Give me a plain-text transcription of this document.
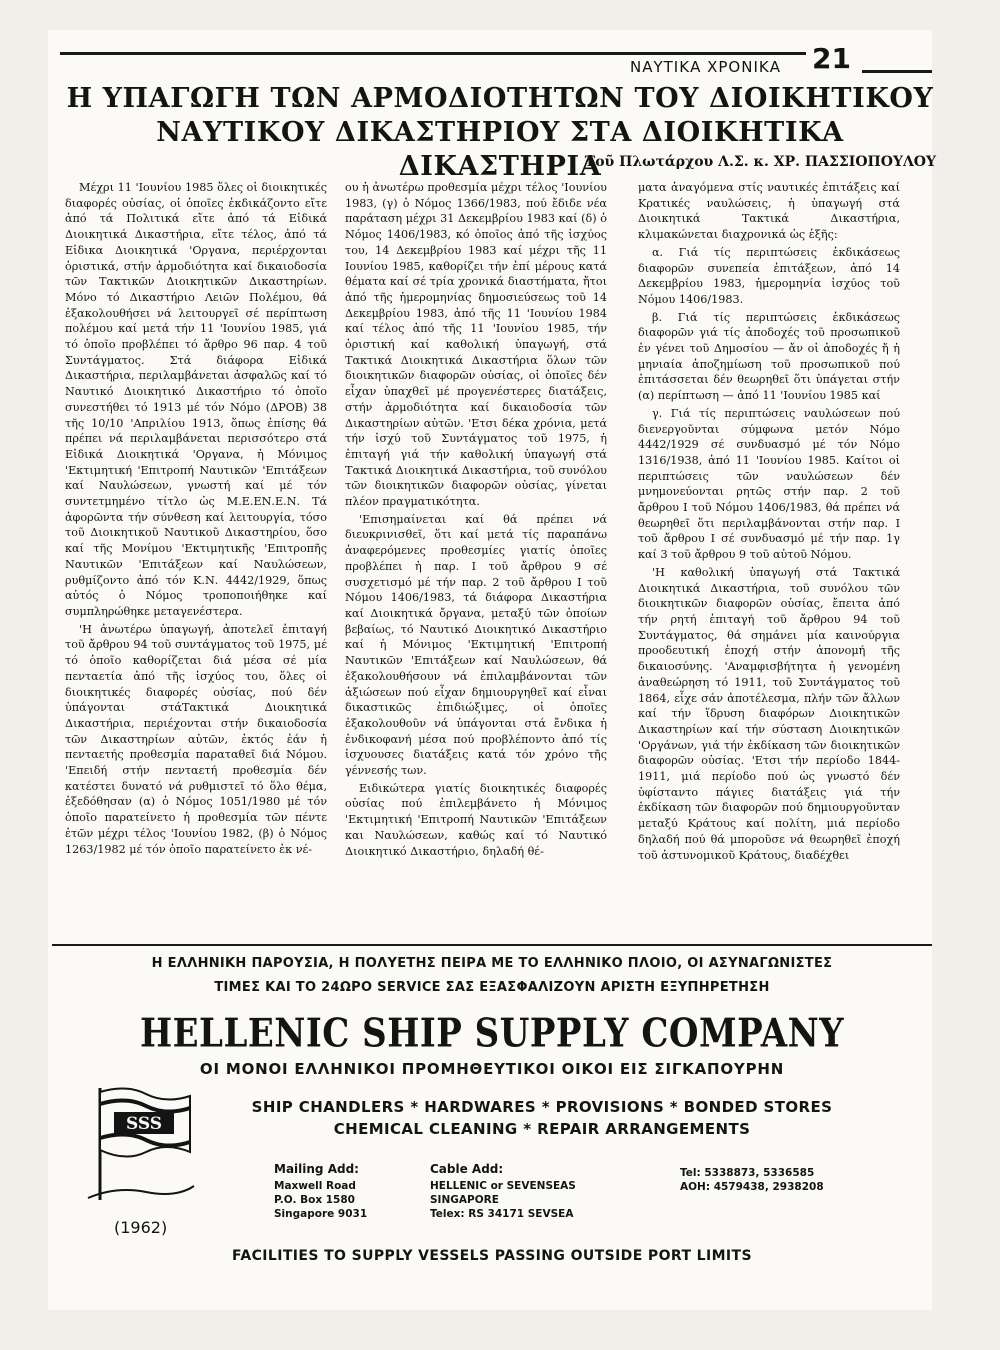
ΝΑΥΤΙΚΑ ΧΡΟΝΙΚΑ 21
Η ΥΠΑΓΩΓΗ ΤΩΝ ΑΡΜΟΔΙΟΤΗΤΩΝ ΤΟΥ ΔΙΟΙΚΗΤΙΚΟΥ
ΝΑΥΤΙΚΟΥ ΔΙΚΑΣΤΗΡΙΟΥ ΣΤΑ ΔΙΟΙΚΗΤΙΚΑ ΔΙΚΑΣΤΗΡΙΑ
Τοῦ Πλωτάρχου Λ.Σ. κ. ΧΡ. ΠΑΣΣΙΟΠΟΥΛΟΥ

Μέχρι 11 'Ιουνίου 1985 ὅλες οἱ διοικητικές διαφορές οὐσίας, οἱ ὁποῖες ἐκδικάζοντο εἴτε ἀπό τά Πολιτικά εἴτε ἀπό τά Εἰδικά Διοικητικά Δικαστήρια, εἴτε τέλος, ἀπό τά Εἰδικα Διοικητικά 'Οργανα, περιέρχονται ὁριστικά, στήν ἁρμοδιότητα καί δικαιοδοσία τῶν Τακτικῶν Διοικητικῶν Δικαστηρίων. Μόνο τό Δικαστήριο Λειῶν Πολέμου, θά ἐξακολουθήσει νά λειτουργεῖ σέ περίπτωση πολέμου καί μετά τήν 11 'Ιουνίου 1985, γιά τό ὁποῖο προβλέπει τό ἄρθρο 96 παρ. 4 τοῦ Συντάγματος. Στά διάφορα Εἰδικά Δικαστήρια, περιλαμβάνεται ἀσφαλῶς καί τό Ναυτικό Διοικητικό Δικαστήριο τό ὁποῖο συνεστήθει τό 1913 μέ τόν Νόμο (ΔΡΟΒ) 38 τῆς 10/10 'Απριλίου 1913, ὅπως ἐπίσης θά πρέπει νά περιλαμβάνεται περισσότερο στά Εἰδικά Διοικητικά 'Οργανα, ἡ Μόνιμος 'Εκτιμητική 'Επιτροπή Ναυτικῶν 'Επιτάξεων καί Ναυλώσεων, γνωστή καί μέ τόν συντετμημένο τίτλο ὡς Μ.Ε.ΕΝ.Ε.Ν. Τά ἀφορῶντα τήν σύνθεση καί λειτουργία, τόσο τοῦ Διοικητικοῦ Ναυτικοῦ Δικαστηρίου, ὅσο καί τῆς Μονίμου 'Εκτιμητικῆς 'Επιτροπῆς Ναυτικῶν 'Επιτάξεων καί Ναυλώσεων, ρυθμίζοντο ἀπό τόν Κ.Ν. 4442/1929, ὅπως αὐτός ὁ Νόμος τροποποιήθηκε καί συμπληρώθηκε μεταγενέστερα.

'Η ἀνωτέρω ὑπαγωγή, ἀποτελεῖ ἐπιταγή τοῦ ἄρθρου 94 τοῦ συντάγματος τοῦ 1975, μέ τό ὁποῖο καθορίζεται διά μέσα σέ μία πενταετία ἀπό τῆς ἰσχύος του, ὅλες οἱ διοικητικές διαφορές οὐσίας, πού δέν ὑπάγονται στάΤακτικά Διοικητικά Δικαστήρια, περιέχονται στήν δικαιοδοσία τῶν Δικαστηρίων αὐτῶν, ἐκτός ἐάν ἡ πενταετής προθεσμία παραταθεῖ διά Νόμου. 'Επειδή στήν πενταετή προθεσμία δέν κατέστει δυνατό νά ρυθμιστεῖ τό ὅλο θέμα, ἐξεδόθησαν (α) ὁ Νόμος 1051/1980 μέ τόν ὁποῖο παρατείνετο ἡ προθεσμία τῶν πέντε ἐτῶν μέχρι τέλος 'Ιουνίου 1982, (β) ὁ Νόμος 1263/1982 μέ τόν ὁποῖο παρατείνετο ἐκ νέ-

ου ἡ ἀνωτέρω προθεσμία μέχρι τέλος 'Ιουνίου 1983, (γ) ὁ Νόμος 1366/1983, πού ἔδιδε νέα παράταση μέχρι 31 Δεκεμβρίου 1983 καί (δ) ὁ Νόμος 1406/1983, κό ὁποῖος ἀπό τῆς ἰσχύος του, 14 Δεκεμβρίου 1983 καί μέχρι τῆς 11 Ιουνίου 1985, καθορίζει τήν ἐπί μέρους κατά θέματα καί σέ τρία χρονικά διαστήματα, ἤτοι ἀπό τῆς ἡμερομηνίας δημοσιεύσεως τοῦ 14 Δεκεμβρίου 1983, ἀπό τῆς 11 'Ιουνίου 1984 καί τέλος ἀπό τῆς 11 'Ιουνίου 1985, τήν ὁριστική καί καθολική ὑπαγωγή, στά Τακτικά Διοικητικά Δικαστήρια ὅλων τῶν διοικητικῶν διαφορῶν οὐσίας, οἱ ὁποῖες δέν εἶχαν ὑπαχθεῖ μέ προγενέστερες διατάξεις, στήν ἁρμοδιότητα καί δικαιοδοσία τῶν Δικαστηρίων αὐτῶν. 'Ετσι δέκα χρόνια, μετά τήν ἰσχύ τοῦ Συντάγματος τοῦ 1975, ἡ ἐπιταγή γιά τήν καθολική ὑπαγωγή στά Τακτικά Διοικητικά Δικαστήρια, τοῦ συνόλου τῶν διοικητικῶν διαφορῶν οὐσίας, γίνεται πλέον πραγματικότητα.

'Επισημαίνεται καί θά πρέπει νά διευκρινισθεῖ, ὅτι καί μετά τίς παραπάνω ἀναφερόμενες προθεσμίες γιατίς ὁποῖες προβλέπει ἡ παρ. Ι τοῦ ἄρθρου 9 σέ συσχετισμό μέ τήν παρ. 2 τοῦ ἄρθρου Ι τοῦ Νόμου 1406/1983, τά διάφορα Δικαστήρια καί Διοικητικά ὄργανα, μεταξύ τῶν ὁποίων βεβαίως, τό Ναυτικό Διοικητικό Δικαστήριο καί ἡ Μόνιμος 'Εκτιμητική 'Επιτροπή Ναυτικῶν 'Επιτάξεων καί Ναυλώσεων, θά ἐξακολουθήσουν νά ἐπιλαμβάνονται τῶν ἀξιώσεων πού εἶχαν δημιουργηθεῖ καί εἶναι δικαστικῶς ἐπιδιώξιμες, οἱ ὁποῖες ἐξακολουθοῦν νά ὑπάγονται στά ἔνδικα ἡ ἐνδικοφανή μέσα πού προβλέποντο ἀπό τίς ἰσχυουσες διατάξεις κατά τόν χρόνο τῆς γέννεσής των.

Ειδικώτερα γιατίς διοικητικές διαφορές οὐσίας πού ἐπιλεμβάνετο ἡ Μόνιμος 'Εκτιμητική 'Επιτροπή Ναυτικῶν 'Επιτάξεων και Ναυλώσεων, καθώς καί τό Ναυτικό Διοικητικό Δικαστήριο, δηλαδή θέ-

ματα ἀναγόμενα στίς ναυτικές ἐπιτάξεις καί Κρατικές ναυλώσεις, ἡ ὑπαγωγή στά Διοικητικά Τακτικά Δικαστήρια, κλιμακώνεται διαχρονικά ὡς ἑξῆς:

α. Γιά τίς περιπτώσεις ἐκδικάσεως διαφορῶν συνεπεία ἐπιτάξεων, ἀπό 14 Δεκεμβρίου 1983, ἡμερομηνία ἰσχύος τοῦ Νόμου 1406/1983.

β. Γιά τίς περιπτώσεις ἐκδικάσεως διαφορῶν γιά τίς ἀποδοχές τοῦ προσωπικοῦ ἐν γένει τοῦ Δημοσίου — ἄν οἱ ἀποδοχές ἤ ἡ μηνιαία ἀποζημίωση τοῦ προσωπικοῦ πού ἐπιτάσσεται δέν θεωρηθεῖ ὅτι ὑπάγεται στήν (α) περίπτωση — ἀπό 11 'Ιουνίου 1985 καί

γ. Γιά τίς περιπτώσεις ναυλώσεων πού διενεργοῦνται σύμφωνα μετόν Νόμο 4442/1929 σέ συνδυασμό μέ τόν Νόμο 1316/1938, ἀπό 11 'Ιουνίου 1985. Καίτοι οἱ περιπτώσεις τῶν ναυλώσεων δέν μνημονεύονται ρητῶς στήν παρ. 2 τοῦ ἄρθρου Ι τοῦ Νόμου 1406/1983, θά πρέπει νά θεωρηθεῖ ὅτι περιλαμβάνονται στήν παρ. Ι τοῦ ἄρθρου Ι σέ συνδυασμό μέ τήν παρ. 1γ καί 3 τοῦ ἄρθρου 9 τοῦ αὐτοῦ Νόμου.

'Η καθολική ὑπαγωγή στά Τακτικά Διοικητικά Δικαστήρια, τοῦ συνόλου τῶν διοικητικῶν διαφορῶν οὐσίας, ἔπειτα ἀπό τήν ρητή ἐπιταγή τοῦ ἄρθρου 94 τοῦ Συντάγματος, θά σημάνει μία καινούργια προοδευτική ἐποχή στήν ἀπονομή τῆς δικαιοσύνης. 'Αναμφισβήτητα ἡ γενομένη ἀναθεώρηση τό 1911, τοῦ Συντάγματος τοῦ 1864, εἶχε σάν ἀποτέλεσμα, πλήν τῶν ἄλλων καί τήν ἵδρυση διαφόρων Διοικητικῶν Δικαστηρίων καί τήν σύσταση Διοικητικῶν 'Οργάνων, γιά τήν ἐκδίκαση τῶν διοικητικῶν διαφορῶν οὐσίας. 'Ετσι τήν περίοδο 1844-1911, μιά περίοδο πού ὡς γνωστό δέν ὑφίσταντο πάγιες διατάξεις γιά τήν ἐκδίκαση τῶν διαφορῶν πού δημιουργοῦνταν μεταξύ Κράτους καί πολίτη, μιά περίοδο δηλαδή πού θά μποροῦσε νά θεωρηθεῖ ἐποχή τοῦ ἀστυνομικοῦ Κράτους, διαδέχθει

Η ΕΛΛΗΝΙΚΗ ΠΑΡΟΥΣΙΑ, Η ΠΟΛΥΕΤΗΣ ΠΕΙΡΑ ΜΕ ΤΟ ΕΛΛΗΝΙΚΟ ΠΛΟΙΟ, ΟΙ ΑΣΥΝΑΓΩΝΙΣΤΕΣ
ΤΙΜΕΣ ΚΑΙ ΤΟ 24ΩΡΟ SERVICE ΣΑΣ ΕΞΑΣΦΑΛΙΖΟΥΝ ΑΡΙΣΤΗ ΕΞΥΠΗΡΕΤΗΣΗ
HELLENIC SHIP SUPPLY COMPANY
ΟΙ ΜΟΝΟΙ ΕΛΛΗΝΙΚΟΙ ΠΡΟΜΗΘΕΥΤΙΚΟΙ ΟΙΚΟΙ ΕΙΣ ΣΙΓΚΑΠΟΥΡΗΝ
SSS
(1962)
SHIP CHANDLERS * HARDWARES * PROVISIONS * BONDED STORES
CHEMICAL CLEANING * REPAIR ARRANGEMENTS
Mailing Add:
Maxwell Road
P.O. Box 1580
Singapore 9031
Cable Add:
HELLENIC or SEVENSEAS
SINGAPORE
Telex: RS 34171 SEVSEA
Tel: 5338873, 5336585
AOH: 4579438, 2938208
FACILITIES TO SUPPLY VESSELS PASSING OUTSIDE PORT LIMITS
